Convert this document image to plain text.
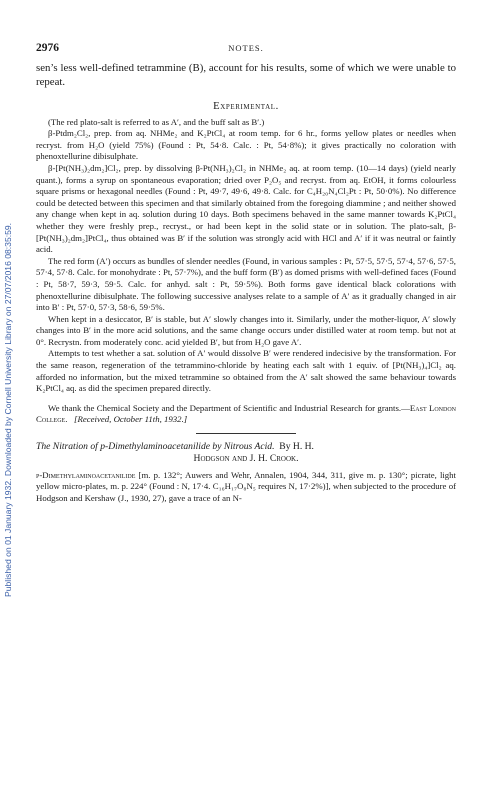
Published on 01 January 1932. Downloaded by Cornell University Library on 27/07/2016 08:35:59.
2976	NOTES.

sen’s less well-defined tetrammine (B), account for his results, some of which we were unable to repeat.

Experimental.

(The red plato-salt is referred to as A′, and the buff salt as B′.)

β-Ptdm₂Cl₂, prep. from aq. NHMe₂ and K₂PtCl₄ at room temp. for 6 hr., forms yellow plates or needles when recryst. from H₂O (yield 75%) (Found : Pt, 54·8. Calc. : Pt, 54·8%); it gives practically no coloration with phenoxtellurine dibisulphate.

β-[Pt(NH₃)₂dm₂]Cl₂, prep. by dissolving β-Pt(NH₃)₂Cl₂ in NHMe₂ aq. at room temp. (10—14 days) (yield nearly quant.), forms a syrup on spontaneous evaporation; dried over P₂O₅ and recryst. from aq. EtOH, it forms colourless square prisms or hexagonal needles (Found : Pt, 49·7, 49·6, 49·8. Calc. for C₄H₂₀N₄Cl₂Pt : Pt, 50·0%). No difference could be detected between this specimen and that similarly obtained from the foregoing diammine ; and neither showed any change when kept in aq. solution during 10 days. Both specimens behaved in the same manner towards K₂PtCl₄ whether they were freshly prep., recryst., or had been kept in the solid state or in solution. The plato-salt, β-[Pt(NH₃)₂dm₂]PtCl₄, thus obtained was B′ if the solution was strongly acid with HCl and A′ if it was neutral or faintly acid.

The red form (A′) occurs as bundles of slender needles (Found, in various samples : Pt, 57·5, 57·5, 57·4, 57·6, 57·5, 57·4, 57·8. Calc. for monohydrate : Pt, 57·7%), and the buff form (B′) as domed prisms with well-defined faces (Found : Pt, 58·7, 59·3, 59·5. Calc. for anhyd. salt : Pt, 59·5%). Both forms gave identical black colorations with phenoxtellurine dibisulphate. The following successive analyses relate to a sample of A′ as it gradually changed in air into B′ : Pt, 57·0, 57·3, 58·6, 59·5%.

When kept in a desiccator, B′ is stable, but A′ slowly changes into it. Similarly, under the mother-liquor, A′ slowly changes into B′ in the more acid solutions, and the same change occurs under distilled water at room temp. but not at 0°. Recrystn. from moderately conc. acid yielded B′, but from H₂O gave A′.

Attempts to test whether a sat. solution of A′ would dissolve B′ were rendered indecisive by the transformation. For the same reason, regeneration of the tetrammino-chloride by heating each salt with 1 equiv. of [Pt(NH₃)₄]Cl₂ aq. afforded no information, but the mixed tetrammine so obtained from the A′ salt showed the same behaviour towards K₂PtCl₄ aq. as did the specimen prepared directly.

We thank the Chemical Society and the Department of Scientific and Industrial Research for grants.—East London College. [Received, October 11th, 1932.]

The Nitration of p-Dimethylaminoacetanilide by Nitrous Acid. By H. H.

Hodgson and J. H. Crook.

p-Dimethylaminoacetanilide [m. p. 132°; Auwers and Wehr, Annalen, 1904, 344, 311, give m. p. 130°; picrate, light yellow micro-plates, m. p. 224° (Found : N, 17·4. C₁₆H₁₇O₈N₅ requires N, 17·2%)], when subjected to the procedure of Hodgson and Kershaw (J., 1930, 27), gave a trace of an N-
